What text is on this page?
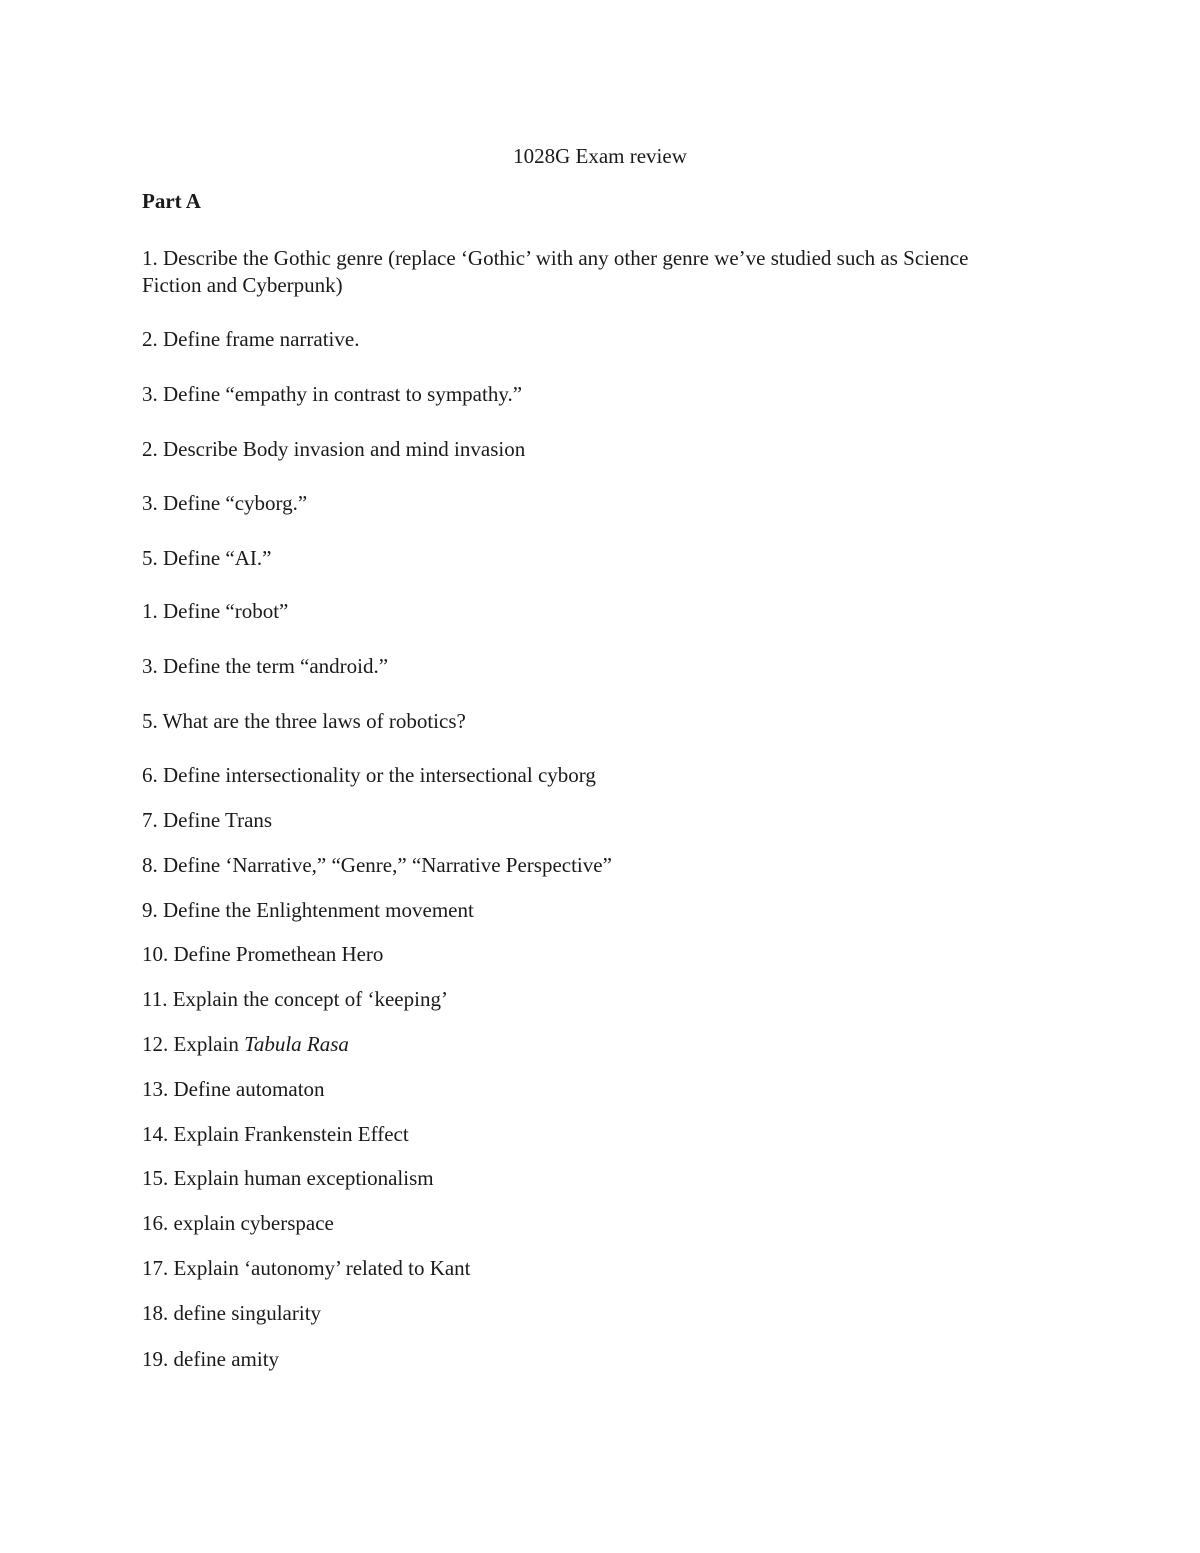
1028G Exam review
Part A
1. Describe the Gothic genre (replace ‘Gothic’ with any other genre we’ve studied such as Science Fiction and Cyberpunk)
2. Define frame narrative.
3. Define “empathy in contrast to sympathy.”
2. Describe Body invasion and mind invasion
3. Define “cyborg.”
5. Define “AI.”
1. Define “robot”
3. Define the term “android.”
5. What are the three laws of robotics?
6. Define intersectionality or the intersectional cyborg
7. Define Trans
8. Define ‘Narrative,” “Genre,” “Narrative Perspective”
9. Define the Enlightenment movement
10. Define Promethean Hero
11. Explain the concept of ‘keeping’
12. Explain Tabula Rasa
13. Define automaton
14. Explain Frankenstein Effect
15. Explain human exceptionalism
16. explain cyberspace
17. Explain ‘autonomy’ related to Kant
18. define singularity
19. define amity
